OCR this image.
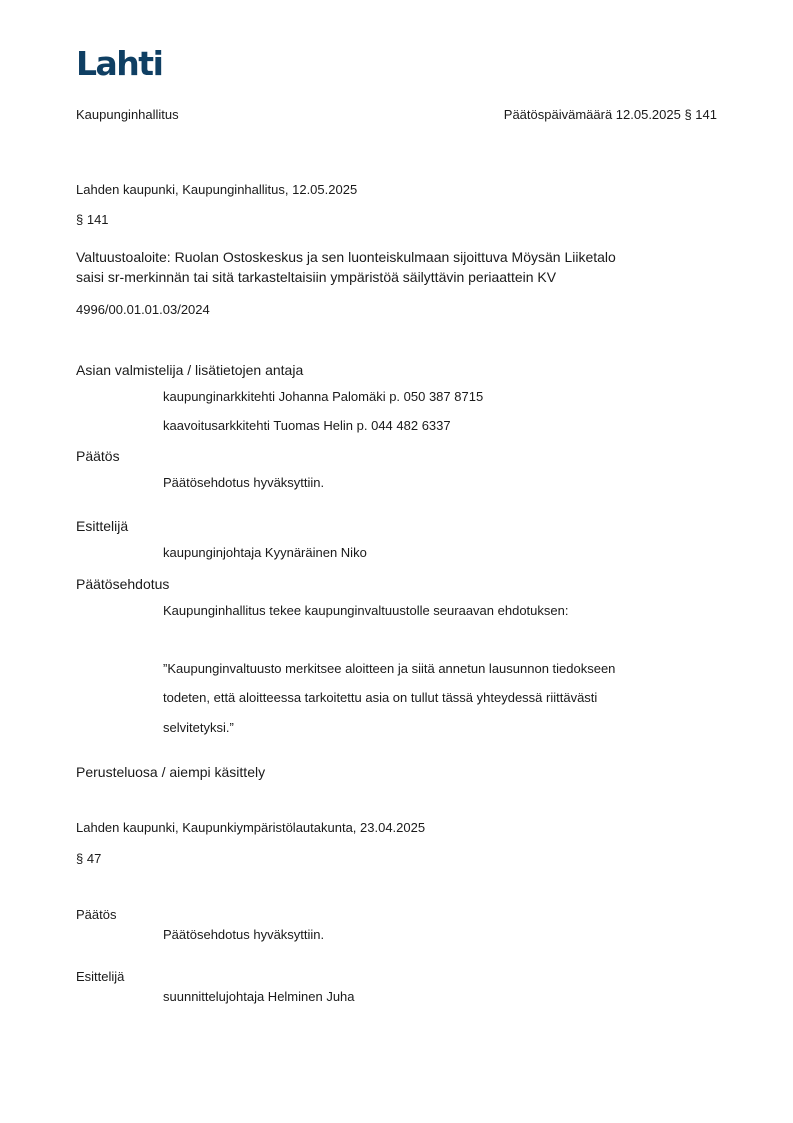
Lahti
Kaupunginhallitus	Päätöspäivämäärä 12.05.2025 § 141
Lahden kaupunki, Kaupunginhallitus, 12.05.2025
§ 141
Valtuustoaloite: Ruolan Ostoskeskus ja sen luonteiskulmaan sijoittuva Möysän Liiketalo
saisi sr-merkinnän tai sitä tarkasteltaisiin ympäristöä säilyttävin periaattein KV
4996/00.01.01.03/2024
Asian valmistelija / lisätietojen antaja
kaupunginarkkitehti Johanna Palomäki p. 050 387 8715
kaavoitusarkkitehti Tuomas Helin p. 044 482 6337
Päätös
Päätösehdotus hyväksyttiin.
Esittelijä
kaupunginjohtaja Kyynäräinen Niko
Päätösehdotus
Kaupunginhallitus tekee kaupunginvaltuustolle seuraavan ehdotuksen:
”Kaupunginvaltuusto merkitsee aloitteen ja siitä annetun lausunnon tiedokseen
todeten, että aloitteessa tarkoitettu asia on tullut tässä yhteydessä riittävästi
selvitetyksi.”
Perusteluosa / aiempi käsittely
Lahden kaupunki, Kaupunkiympäristölautakunta, 23.04.2025
§ 47
Päätös
Päätösehdotus hyväksyttiin.
Esittelijä
suunnittelujohtaja Helminen Juha
